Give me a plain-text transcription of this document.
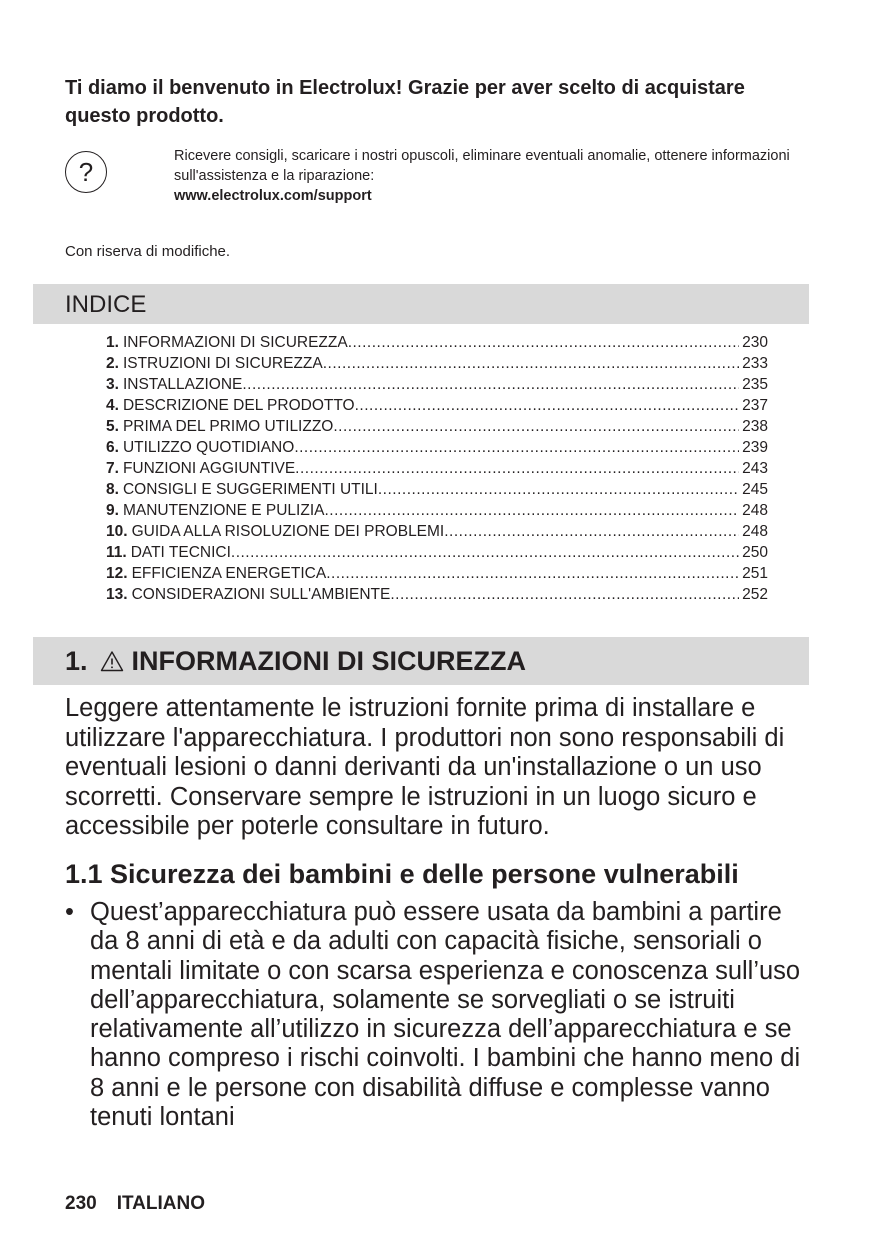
Ti diamo il benvenuto in Electrolux! Grazie per aver scelto di acquistare questo prodotto.

?
Ricevere consigli, scaricare i nostri opuscoli, eliminare eventuali anomalie, ottenere informazioni sull'assistenza e la riparazione:
www.electrolux.com/support

Con riserva di modifiche.

INDICE
1. INFORMAZIONI DI SICUREZZA .....	230
2. ISTRUZIONI DI SICUREZZA .....	233
3. INSTALLAZIONE .....	235
4. DESCRIZIONE DEL PRODOTTO .....	237
5. PRIMA DEL PRIMO UTILIZZO .....	238
6. UTILIZZO QUOTIDIANO .....	239
7. FUNZIONI AGGIUNTIVE .....	243
8. CONSIGLI E SUGGERIMENTI UTILI .....	245
9. MANUTENZIONE E PULIZIA .....	248
10. GUIDA ALLA RISOLUZIONE DEI PROBLEMI .....	248
11. DATI TECNICI .....	250
12. EFFICIENZA ENERGETICA .....	251
13. CONSIDERAZIONI SULL'AMBIENTE .....	252
1. INFORMAZIONI DI SICUREZZA

Leggere attentamente le istruzioni fornite prima di installare e utilizzare l'apparecchiatura. I produttori non sono responsabili di eventuali lesioni o danni derivanti da un'installazione o un uso scorretti. Conservare sempre le istruzioni in un luogo sicuro e accessibile per poterle consultare in futuro.

1.1 Sicurezza dei bambini e delle persone vulnerabili

• Quest’apparecchiatura può essere usata da bambini a partire da 8 anni di età e da adulti con capacità fisiche, sensoriali o mentali limitate o con scarsa esperienza e conoscenza sull’uso dell’apparecchiatura, solamente se sorvegliati o se istruiti relativamente all’utilizzo in sicurezza dell’apparecchiatura e se hanno compreso i rischi coinvolti. I bambini che hanno meno di 8 anni e le persone con disabilità diffuse e complesse vanno tenuti lontani

230 ITALIANO
